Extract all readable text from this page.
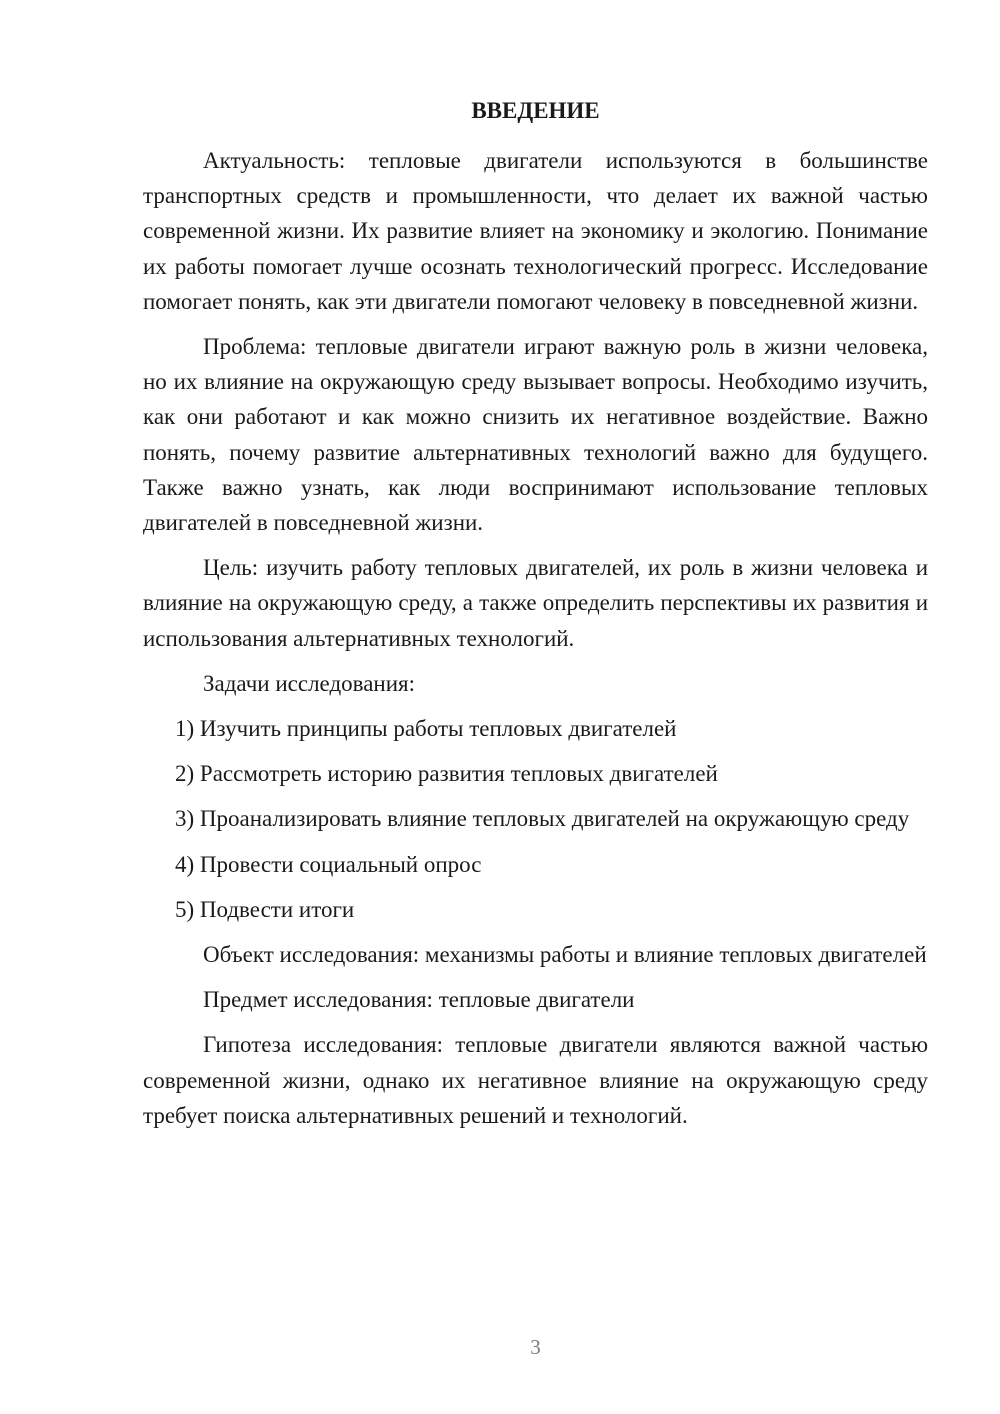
ВВЕДЕНИЕ

Актуальность: тепловые двигатели используются в большинстве транспортных средств и промышленности, что делает их важной частью современной жизни. Их развитие влияет на экономику и экологию. Понимание их работы помогает лучше осознать технологический прогресс. Исследование помогает понять, как эти двигатели помогают человеку в повседневной жизни.

Проблема: тепловые двигатели играют важную роль в жизни человека, но их влияние на окружающую среду вызывает вопросы. Необходимо изучить, как они работают и как можно снизить их негативное воздействие. Важно понять, почему развитие альтернативных технологий важно для будущего. Также важно узнать, как люди воспринимают использование тепловых двигателей в повседневной жизни.

Цель: изучить работу тепловых двигателей, их роль в жизни человека и влияние на окружающую среду, а также определить перспективы их развития и использования альтернативных технологий.

Задачи исследования:

1) Изучить принципы работы тепловых двигателей

2) Рассмотреть историю развития тепловых двигателей

3) Проанализировать влияние тепловых двигателей на окружающую среду

4) Провести социальный опрос

5) Подвести итоги

Объект исследования: механизмы работы и влияние тепловых двигателей

Предмет исследования: тепловые двигатели

Гипотеза исследования: тепловые двигатели являются важной частью современной жизни, однако их негативное влияние на окружающую среду требует поиска альтернативных решений и технологий.

3
